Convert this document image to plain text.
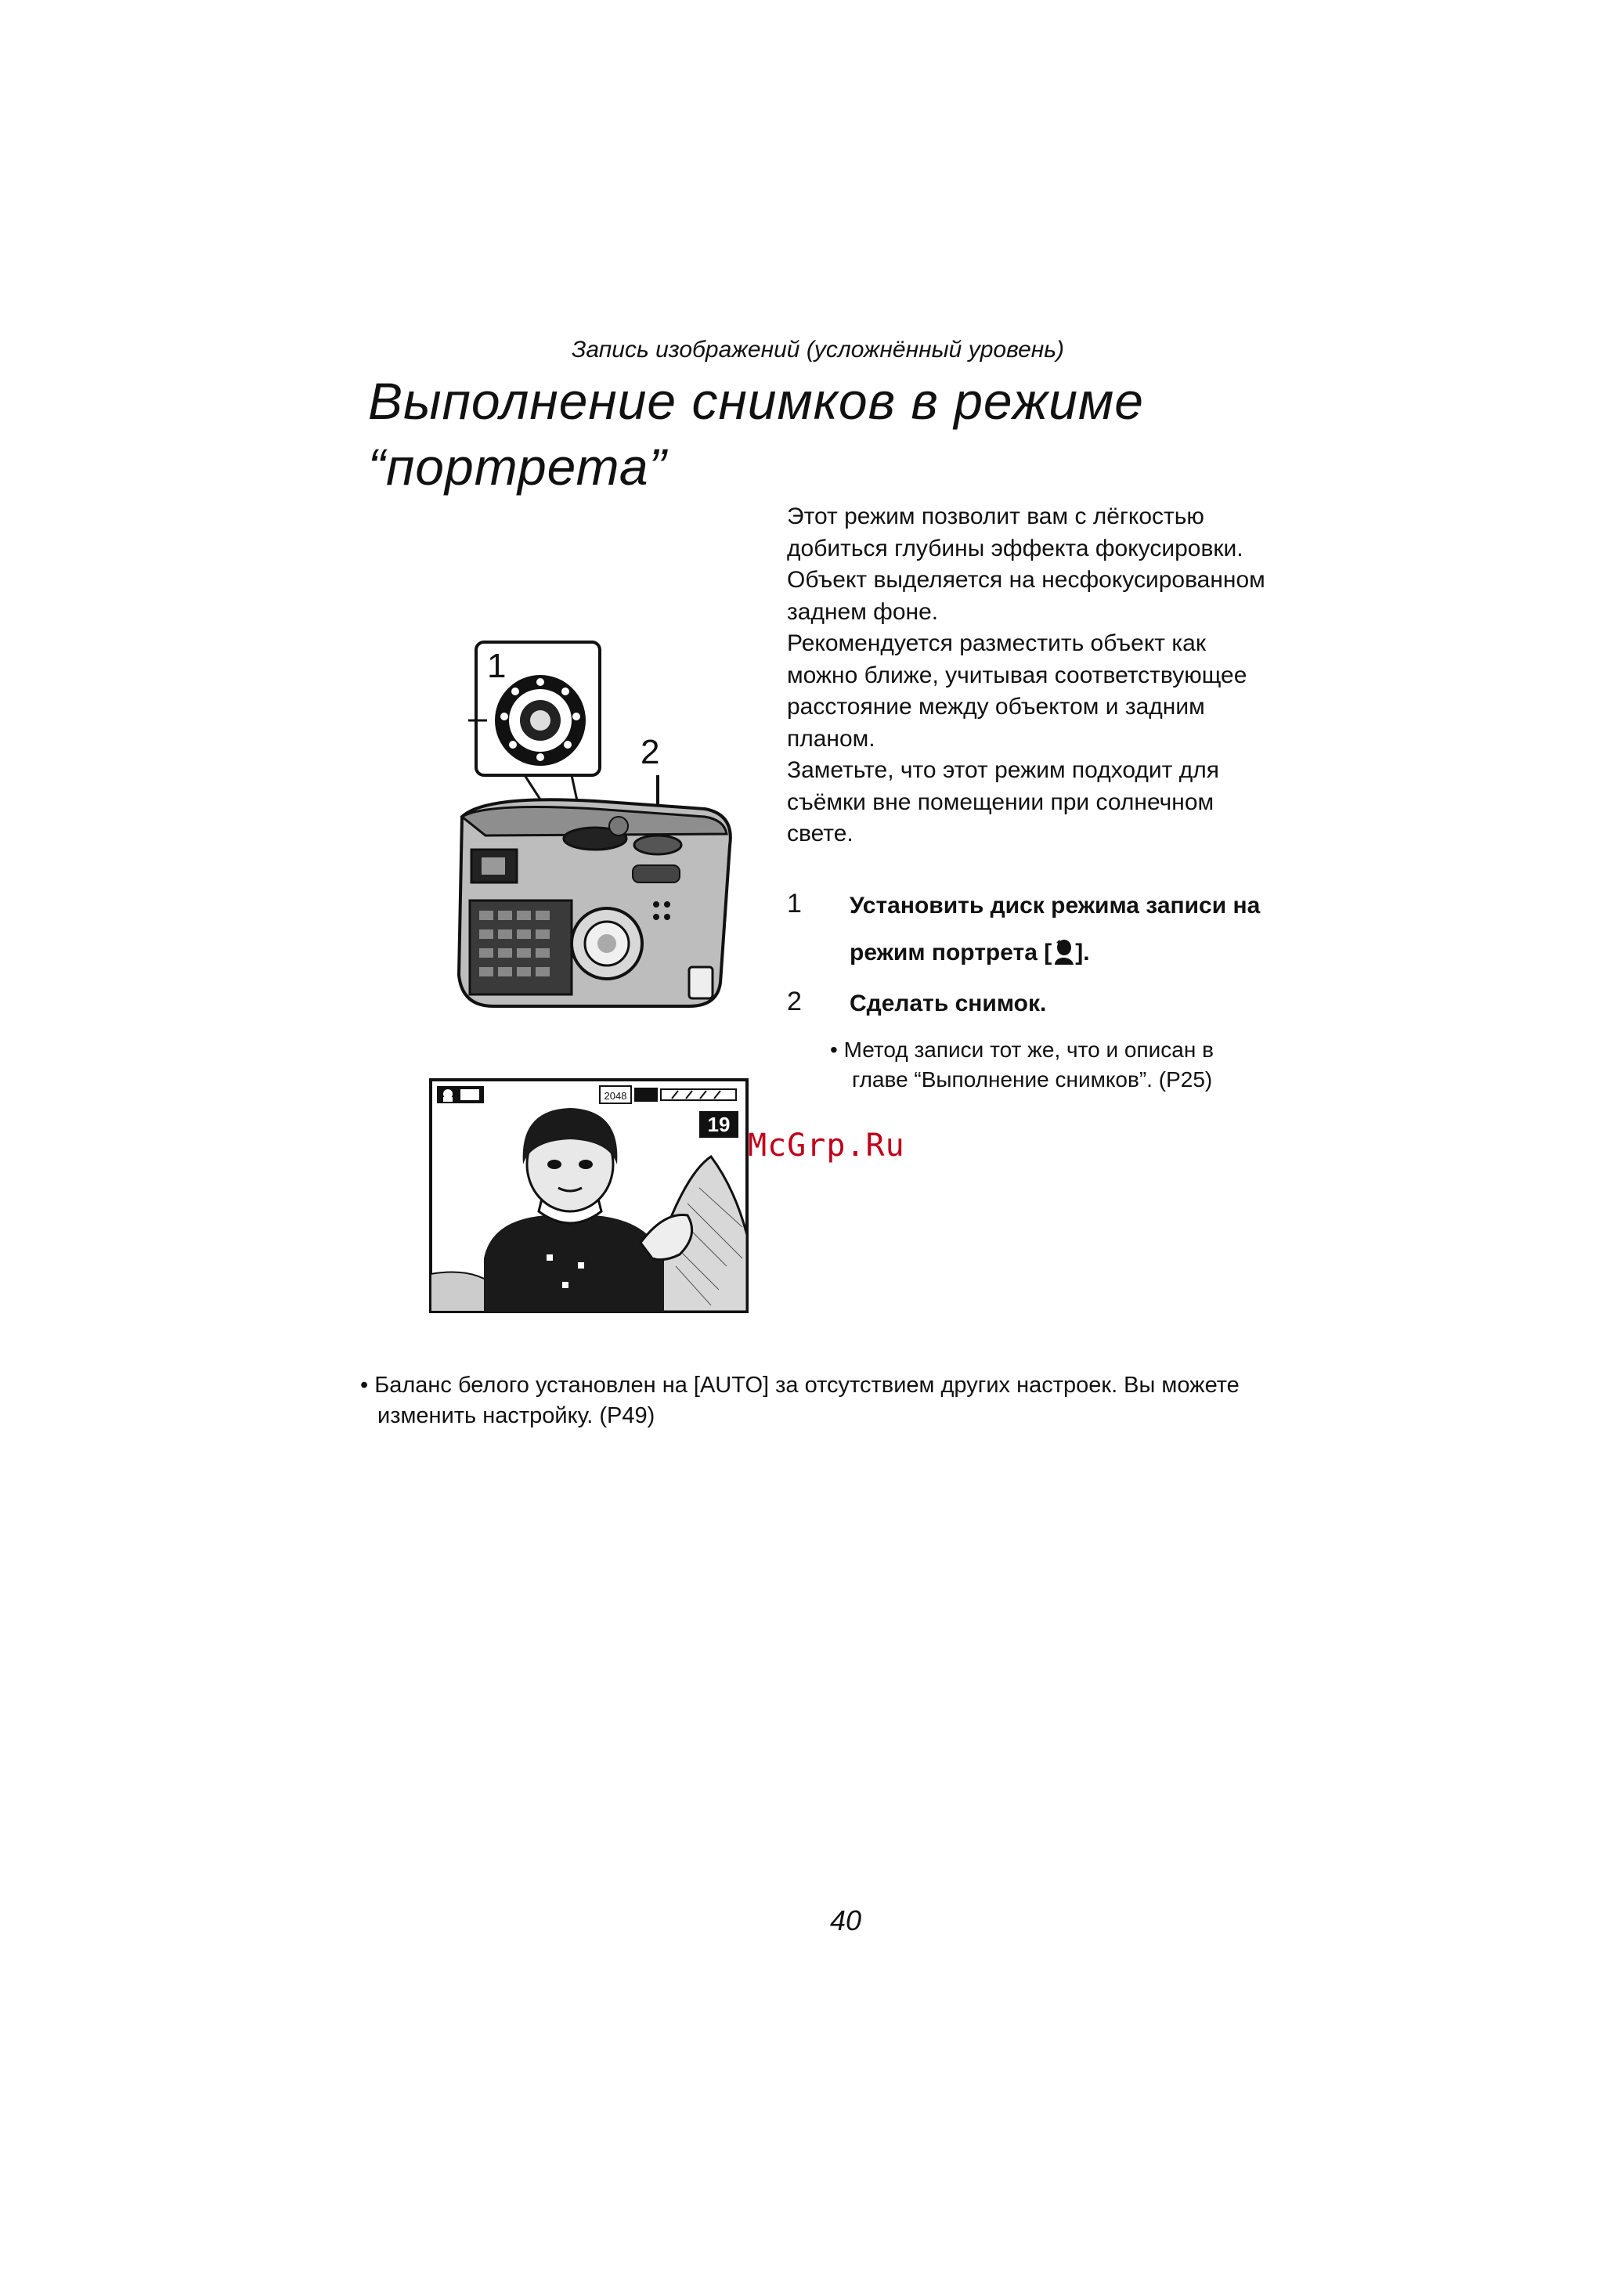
Запись изображений (усложнённый уровень)
Выполнение снимков в режиме
“портрета”
Этот режим позволит вам с лёгкостью
добиться глубины эффекта фокусировки.
Объект выделяется на несфокусированном
заднем фоне.
Рекомендуется разместить объект как
можно ближе, учитывая соответствующее
расстояние между объектом и задним
планом.
Заметьте, что этот режим подходит для
съёмки вне помещении при солнечном
свете.
1 Установить диск режима записи на
режим портрета [ ].
2 Сделать снимок.
• Метод записи тот же, что и описан в
главе “Выполнение снимков”. (P25)
1
2
2048
19
McGrp.Ru
• Баланс белого установлен на [AUTO] за отсутствием других настроек. Вы можете
изменить настройку. (P49)
40
